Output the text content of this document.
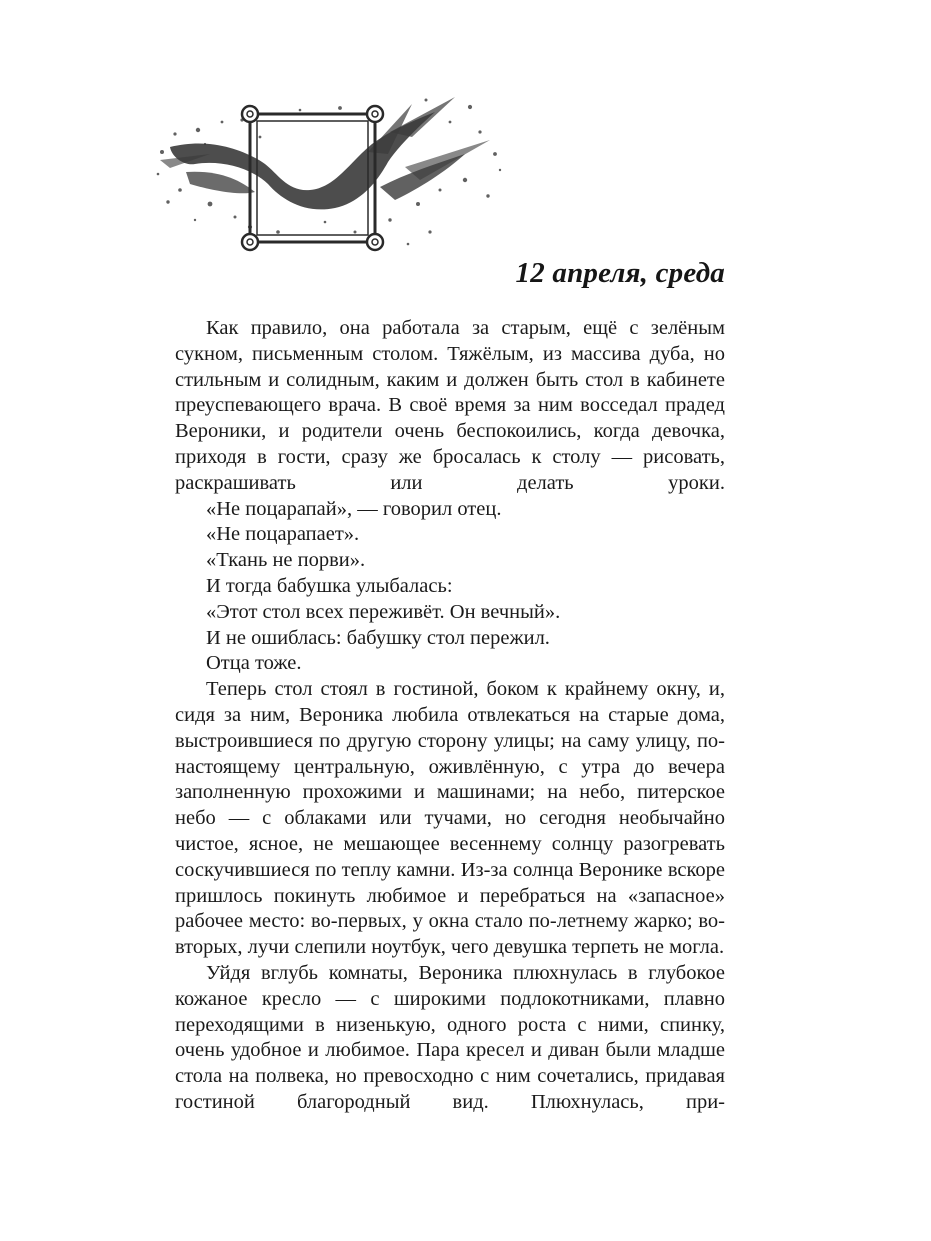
12 апреля, среда

Как правило, она работала за старым, ещё с зелёным сукном, письменным столом. Тяжёлым, из массива дуба, но стильным и солидным, каким и должен быть стол в кабинете преуспевающего врача. В своё время за ним восседал прадед Вероники, и родители очень беспокоились, когда девочка, приходя в гости, сразу же бросалась к столу — рисовать, раскрашивать или делать уроки.

«Не поцарапай», — говорил отец.

«Не поцарапает».

«Ткань не порви».

И тогда бабушка улыбалась:

«Этот стол всех переживёт. Он вечный».

И не ошиблась: бабушку стол пережил.

Отца тоже.

Теперь стол стоял в гостиной, боком к крайнему окну, и, сидя за ним, Вероника любила отвлекаться на старые дома, выстроившиеся по другую сторону улицы; на саму улицу, по-настоящему центральную, оживлённую, с утра до вечера заполненную прохожими и машинами; на небо, питерское небо — с облаками или тучами, но сегодня необычайно чистое, ясное, не мешающее весеннему солнцу разогревать соскучившиеся по теплу камни. Из-за солнца Веронике вскоре пришлось покинуть любимое и перебраться на «запасное» рабочее место: во-первых, у окна стало по-летнему жарко; во-вторых, лучи слепили ноутбук, чего девушка терпеть не могла.

Уйдя вглубь комнаты, Вероника плюхнулась в глубокое кожаное кресло — с широкими подлокотниками, плавно переходящими в низенькую, одного роста с ними, спинку, очень удобное и любимое. Пара кресел и диван были младше стола на полвека, но превосходно с ним сочетались, придавая гостиной благородный вид. Плюхнулась, при-
